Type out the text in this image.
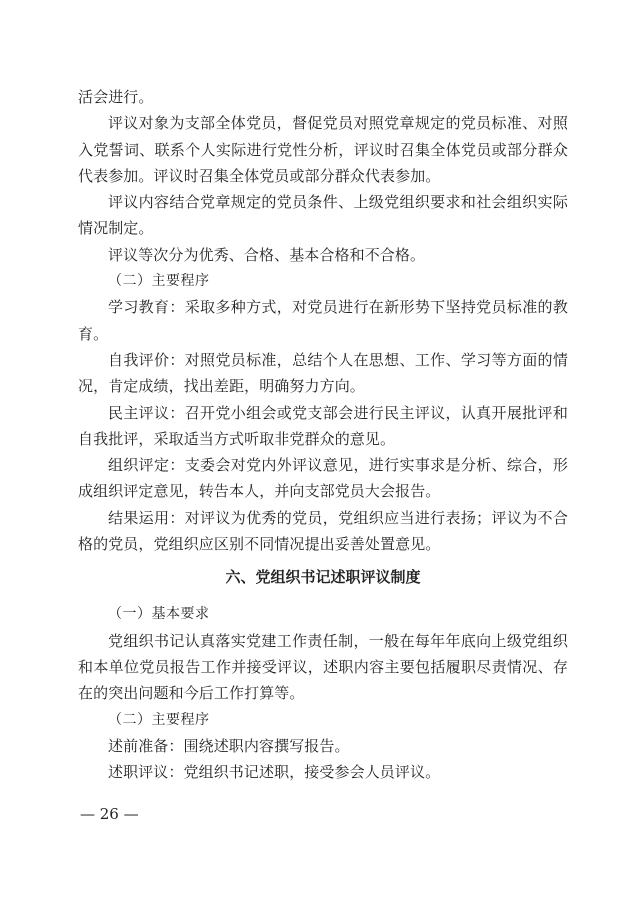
活会进行。

评议对象为支部全体党员，督促党员对照党章规定的党员标准、对照入党誓词、联系个人实际进行党性分析，评议时召集全体党员或部分群众代表参加。评议时召集全体党员或部分群众代表参加。

评议内容结合党章规定的党员条件、上级党组织要求和社会组织实际情况制定。

评议等次分为优秀、合格、基本合格和不合格。

（二）主要程序

学习教育：采取多种方式，对党员进行在新形势下坚持党员标准的教育。

自我评价：对照党员标准，总结个人在思想、工作、学习等方面的情况，肯定成绩，找出差距，明确努力方向。

民主评议：召开党小组会或党支部会进行民主评议，认真开展批评和自我批评，采取适当方式听取非党群众的意见。

组织评定：支委会对党内外评议意见，进行实事求是分析、综合，形成组织评定意见，转告本人，并向支部党员大会报告。

结果运用：对评议为优秀的党员，党组织应当进行表扬；评议为不合格的党员，党组织应区别不同情况提出妥善处置意见。

六、党组织书记述职评议制度

（一）基本要求

党组织书记认真落实党建工作责任制，一般在每年年底向上级党组织和本单位党员报告工作并接受评议，述职内容主要包括履职尽责情况、存在的突出问题和今后工作打算等。

（二）主要程序

述前准备：围绕述职内容撰写报告。

述职评议：党组织书记述职，接受参会人员评议。

— 26 —
